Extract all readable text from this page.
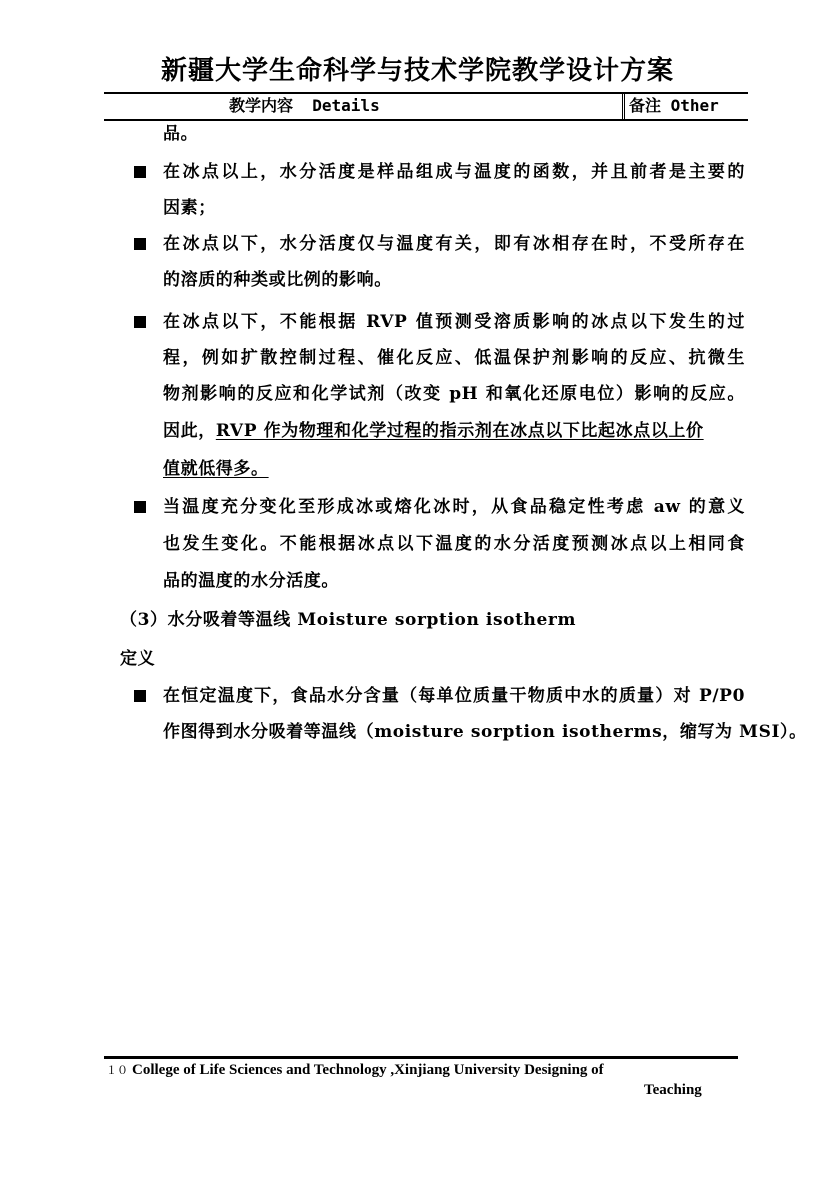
新疆大学生命科学与技术学院教学设计方案
教学内容  Details	备注 Other
品。
在冰点以上，水分活度是样品组成与温度的函数，并且前者是主要的
因素；
在冰点以下，水分活度仅与温度有关，即有冰相存在时，不受所存在
的溶质的种类或比例的影响。
在冰点以下，不能根据 RVP 值预测受溶质影响的冰点以下发生的过
程，例如扩散控制过程、催化反应、低温保护剂影响的反应、抗微生
物剂影响的反应和化学试剂（改变 pH 和氧化还原电位）影响的反应。
因此，RVP 作为物理和化学过程的指示剂在冰点以下比起冰点以上价
值就低得多。
当温度充分变化至形成冰或熔化冰时，从食品稳定性考虑 aw 的意义
也发生变化。不能根据冰点以下温度的水分活度预测冰点以上相同食
品的温度的水分活度。
（3）水分吸着等温线 Moisture sorption isotherm
定义
在恒定温度下，食品水分含量（每单位质量干物质中水的质量）对 P/P0
作图得到水分吸着等温线（moisture sorption isotherms，缩写为 MSI）。
１０ College of Life Sciences and Technology ,Xinjiang University Designing of
Teaching
